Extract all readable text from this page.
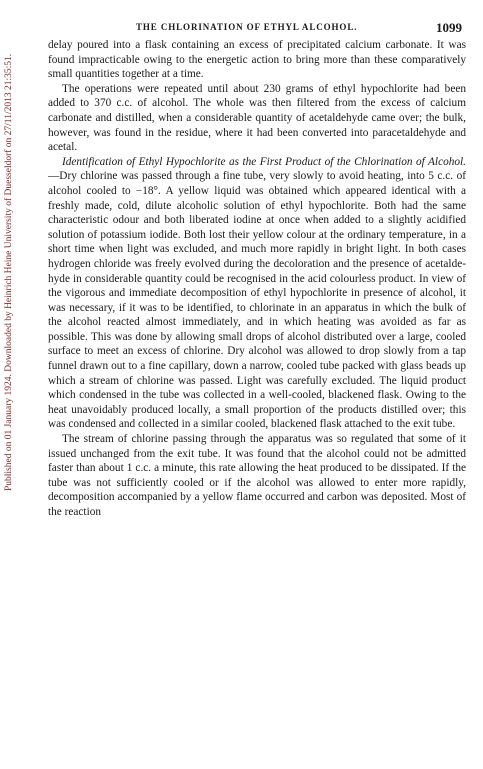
Published on 01 January 1924. Downloaded by Heinrich Heine University of Duesseldorf on 27/11/2013 21:35:51.
THE CHLORINATION OF ETHYL ALCOHOL.	1099

delay poured into a flask containing an excess of precipitated calcium carbonate. It was found impracticable owing to the energetic action to bring more than these comparatively small quantities together at a time.

The operations were repeated until about 230 grams of ethyl hypochlorite had been added to 370 c.c. of alcohol. The whole was then filtered from the excess of calcium carbonate and distilled, when a considerable quantity of acetaldehyde came over; the bulk, however, was found in the residue, where it had been converted into paracetaldehyde and acetal.

Identification of Ethyl Hypochlorite as the First Product of the Chlorination of Alcohol.—Dry chlorine was passed through a fine tube, very slowly to avoid heating, into 5 c.c. of alcohol cooled to −18°. A yellow liquid was obtained which appeared identical with a freshly made, cold, dilute alcoholic solution of ethyl hypochlorite. Both had the same characteristic odour and both liberated iodine at once when added to a slightly acidified solution of potassium iodide. Both lost their yellow colour at the ordinary temperature, in a short time when light was excluded, and much more rapidly in bright light. In both cases hydrogen chloride was freely evolved during the decoloration and the presence of acetaldehyde in considerable quantity could be recognised in the acid colourless product. In view of the vigorous and immediate decomposition of ethyl hypochlorite in presence of alcohol, it was necessary, if it was to be identified, to chlorinate in an apparatus in which the bulk of the alcohol reacted almost immediately, and in which heating was avoided as far as possible. This was done by allowing small drops of alcohol distributed over a large, cooled surface to meet an excess of chlorine. Dry alcohol was allowed to drop slowly from a tap funnel drawn out to a fine capillary, down a narrow, cooled tube packed with glass beads up which a stream of chlorine was passed. Light was carefully excluded. The liquid product which condensed in the tube was collected in a well-cooled, blackened flask. Owing to the heat unavoidably produced locally, a small proportion of the products distilled over; this was condensed and collected in a similar cooled, blackened flask attached to the exit tube.

The stream of chlorine passing through the apparatus was so regulated that some of it issued unchanged from the exit tube. It was found that the alcohol could not be admitted faster than about 1 c.c. a minute, this rate allowing the heat produced to be dissipated. If the tube was not sufficiently cooled or if the alcohol was allowed to enter more rapidly, decomposition accompanied by a yellow flame occurred and carbon was deposited. Most of the reaction
